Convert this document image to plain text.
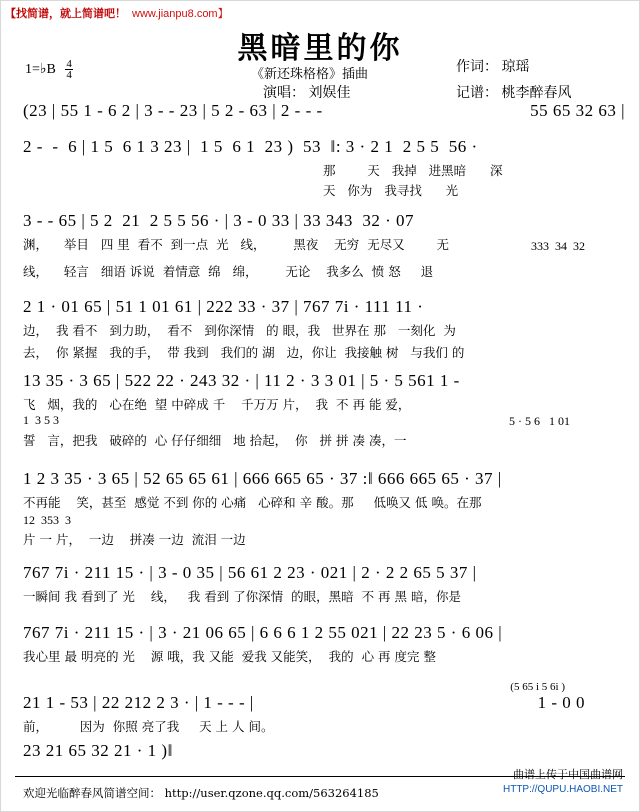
【找简谱，就上简谱吧！ www.jianpu8.com】
黑暗里的你
1=♭B $\frac{4}{4}$	《新还珠格格》插曲
演唱： 刘娱佳
作词： 琼瑶
记谱： 桃李醉春风
(23 | 55 1 - 6 2 | 3 - - 23 | 5 2 - 63 | 2 - - -	55 65 32 63 |
2 -  -  6 | 1 5  6 1 3 23 |  1 5  6 1  23 )  53  ‖: 3 · 2 1  2 5 5  56 ·
那        天   我掉   进黑暗      深
天   你为   我寻找      光
3 - - 65 | 5 2  21  2 5 5 56 · | 3 - 0 33 | 33 343  32 · 07
渊，    举目   四 里  看不  到一点  光   线，       黑夜    无穷  无尽又        无	333  34  32
线，    轻言   细语 诉说  着情意  绵   绵，       无论    我多么  愤 怒     退
2 1 · 01 65 | 51 1 01 61 | 222 33 · 37 | 767 7i · 111 11 ·
边，  我 看不   到力助，  看不   到你深情   的 眼，我   世界在 那   一刻化  为
去，  你 紧握   我的手，  带 我到   我们的 湖   边，你让  我接触 树   与我们 的
13 35 · 3 65 | 522 22 · 243 32 · | 11 2 · 3 3 01 | 5 · 5 561 1 -
飞   烟，我的   心在绝  望 中碎成 千    千万万 片，  我  不 再 能 爱，
1  3 5 3	5 · 5 6   1 01
誓   言，把我   破碎的  心 仔仔细细   地 拾起，  你   拼 拼 凑 凑，一
1 2 3 35 · 3 65 | 52 65 65 61 | 666 665 65 · 37 :‖ 666 665 65 · 37 |
不再能    笑，甚至  感觉 不到 你的 心痛   心碎和 辛 酸。那     低唤又 低 唤。在那
12  353  3
片 一 片，  一边    拼凑 一边  流泪 一边
767 7i · 211 15 · | 3 - 0 35 | 56 61 2 23 · 021 | 2 · 2 2 65 5 37 |
一瞬间 我 看到了 光    线，   我 看到 了你深情  的眼，黑暗  不 再 黑 暗，你是
767 7i · 211 15 · | 3 · 21 06 65 | 6 6 6 1 2 55 021 | 22 23 5 · 6 06 |
我心里 最 明亮的 光    源 哦，我 又能  爱我 又能笑，  我的  心 再 度完 整
(5 65 i 5 6i )
21 1 - 53 | 22 212 2 3 · | 1 - - - |	1 - 0 0
前，        因为  你照 亮了我     天 上 人 间。
23 21 65 32 21 · 1 )‖
欢迎光临醉春风简谱空间： http://user.qzone.qq.com/563264185
曲谱上传于中国曲谱网
HTTP://QUPU.HAOBI.NET
